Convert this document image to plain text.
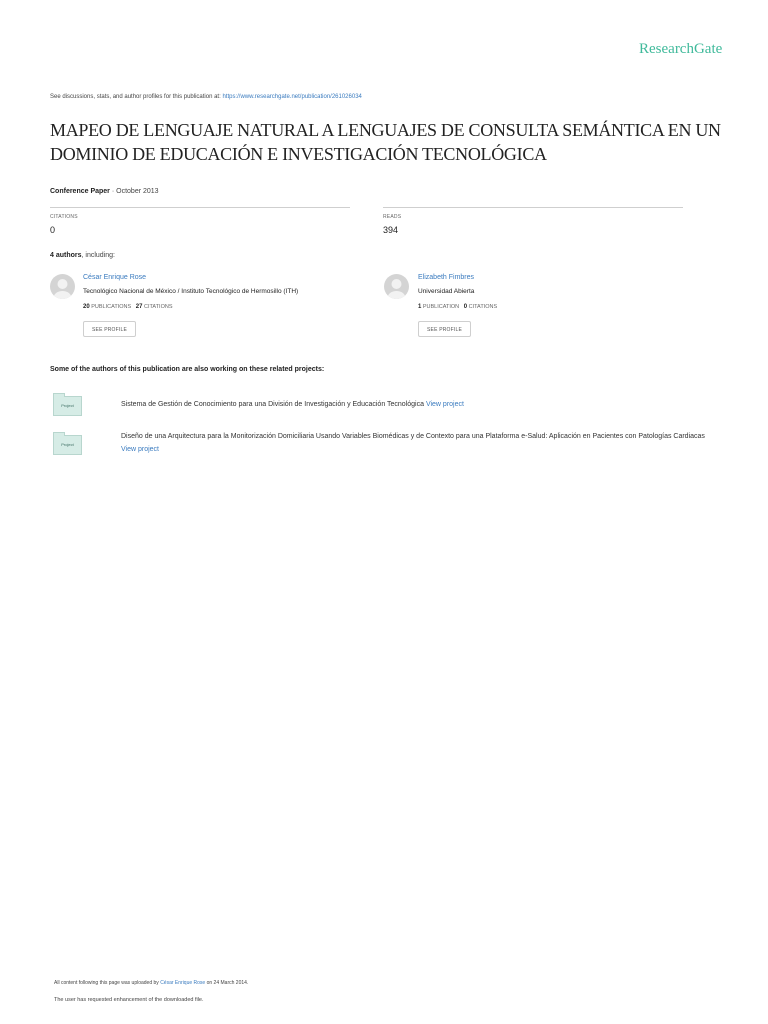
ResearchGate
See discussions, stats, and author profiles for this publication at: https://www.researchgate.net/publication/261026034
MAPEO DE LENGUAJE NATURAL A LENGUAJES DE CONSULTA SEMÁNTICA EN UN DOMINIO DE EDUCACIÓN E INVESTIGACIÓN TECNOLÓGICA
Conference Paper · October 2013
CITATIONS
0
READS
394
4 authors, including:
César Enrique Rose
Tecnológico Nacional de México / Instituto Tecnológico de Hermosillo (ITH)
20 PUBLICATIONS 27 CITATIONS
SEE PROFILE
Elizabeth Fimbres
Universidad Abierta
1 PUBLICATION 0 CITATIONS
SEE PROFILE
Some of the authors of this publication are also working on these related projects:
Project	Sistema de Gestión de Conocimiento para una División de Investigación y Educación Tecnológica View project
Project
Diseño de una Arquitectura para la Monitorización Domiciliaria Usando Variables Biomédicas y de Contexto para una Plataforma e-Salud: Aplicación en Pacientes con Patologías Cardiacas View project
All content following this page was uploaded by César Enrique Rose on 24 March 2014.
The user has requested enhancement of the downloaded file.
